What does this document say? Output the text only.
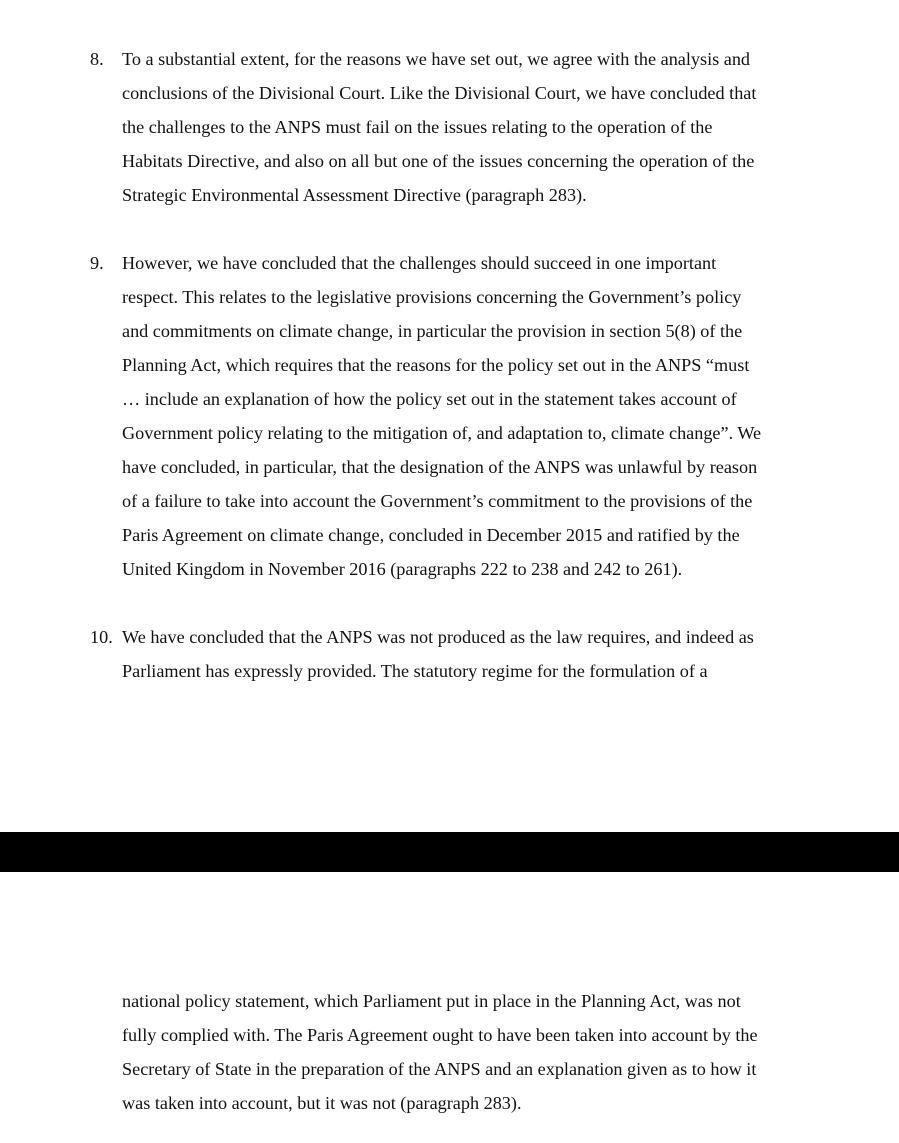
8.	To a substantial extent, for the reasons we have set out, we agree with the analysis and
conclusions of the Divisional Court. Like the Divisional Court, we have concluded that
the challenges to the ANPS must fail on the issues relating to the operation of the
Habitats Directive, and also on all but one of the issues concerning the operation of the
Strategic Environmental Assessment Directive (paragraph 283).
9.	However, we have concluded that the challenges should succeed in one important
respect. This relates to the legislative provisions concerning the Government’s policy
and commitments on climate change, in particular the provision in section 5(8) of the
Planning Act, which requires that the reasons for the policy set out in the ANPS “must
… include an explanation of how the policy set out in the statement takes account of
Government policy relating to the mitigation of, and adaptation to, climate change”. We
have concluded, in particular, that the designation of the ANPS was unlawful by reason
of a failure to take into account the Government’s commitment to the provisions of the
Paris Agreement on climate change, concluded in December 2015 and ratified by the
United Kingdom in November 2016 (paragraphs 222 to 238 and 242 to 261).
10. We have concluded that the ANPS was not produced as the law requires, and indeed as
Parliament has expressly provided. The statutory regime for the formulation of a
national policy statement, which Parliament put in place in the Planning Act, was not
fully complied with. The Paris Agreement ought to have been taken into account by the
Secretary of State in the preparation of the ANPS and an explanation given as to how it
was taken into account, but it was not (paragraph 283).
